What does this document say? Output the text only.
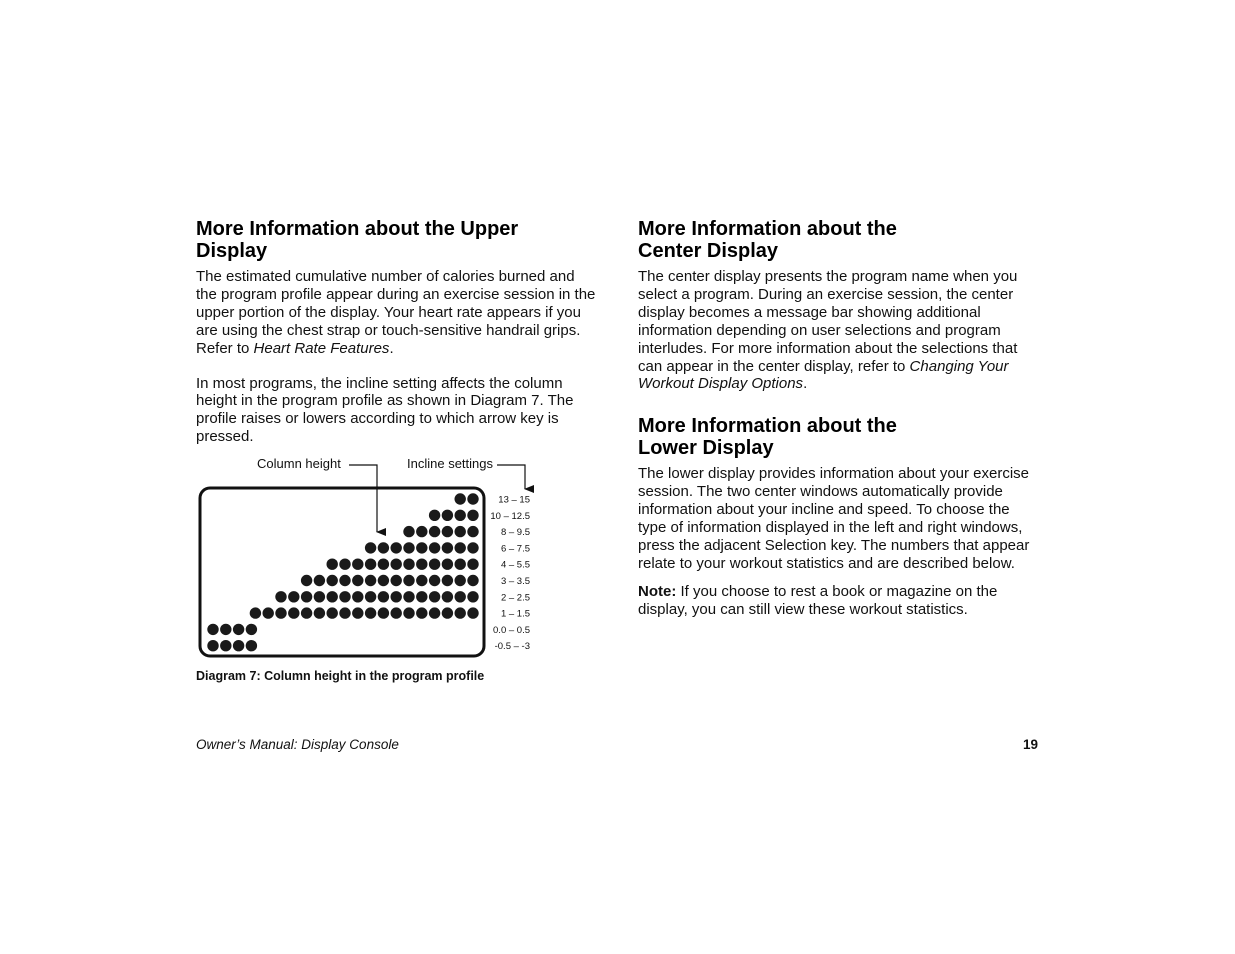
More Information about the Upper
Display

The estimated cumulative number of calories burned and the program profile appear during an exercise session in the upper portion of the display. Your heart rate appears if you are using the chest strap or touch-sensitive handrail grips. Refer to Heart Rate Features.

In most programs, the incline setting affects the column height in the program profile as shown in Diagram 7. The profile raises or lowers according to which arrow key is pressed.

Column height	Incline settings
13 – 15
10 – 12.5
8 – 9.5
6 – 7.5
4 – 5.5
3 – 3.5
2 – 2.5
1 – 1.5
0.0 – 0.5
-0.5 – -3
Diagram 7: Column height in the program profile
More Information about the
Center Display

The center display presents the program name when you select a program. During an exercise session, the center display becomes a message bar showing additional information depending on user selections and program interludes. For more information about the selections that can appear in the center display, refer to Changing Your Workout Display Options.

More Information about the
Lower Display

The lower display provides information about your exercise session. The two center windows automatically provide information about your incline and speed. To choose the type of information displayed in the left and right windows, press the adjacent Selection key. The numbers that appear relate to your workout statistics and are described below.

Note: If you choose to rest a book or magazine on the display, you can still view these workout statistics.

Owner’s Manual: Display Console	19
